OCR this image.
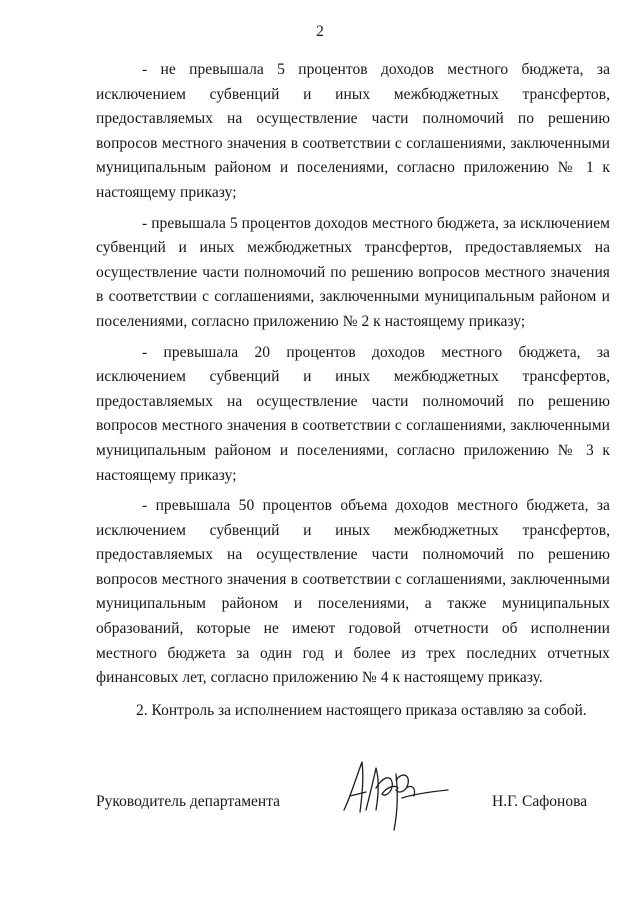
2

- не превышала 5 процентов доходов местного бюджета, за исключением субвенций и иных межбюджетных трансфертов, предоставляемых на осуществление части полномочий по решению вопросов местного значения в соответствии с соглашениями, заключенными муниципальным районом и поселениями, согласно приложению № 1 к настоящему приказу;

- превышала 5 процентов доходов местного бюджета, за исключением субвенций и иных межбюджетных трансфертов, предоставляемых на осуществление части полномочий по решению вопросов местного значения в соответствии с соглашениями, заключенными муниципальным районом и поселениями, согласно приложению № 2 к настоящему приказу;

- превышала 20 процентов доходов местного бюджета, за исключением субвенций и иных межбюджетных трансфертов, предоставляемых на осуществление части полномочий по решению вопросов местного значения в соответствии с соглашениями, заключенными муниципальным районом и поселениями, согласно приложению № 3 к настоящему приказу;

- превышала 50 процентов объема доходов местного бюджета, за исключением субвенций и иных межбюджетных трансфертов, предоставляемых на осуществление части полномочий по решению вопросов местного значения в соответствии с соглашениями, заключенными муниципальным районом и поселениями, а также муниципальных образований, которые не имеют годовой отчетности об исполнении местного бюджета за один год и более из трех последних отчетных финансовых лет, согласно приложению № 4 к настоящему приказу.

2. Контроль за исполнением настоящего приказа оставляю за собой.

Руководитель департамента	Н.Г. Сафонова
